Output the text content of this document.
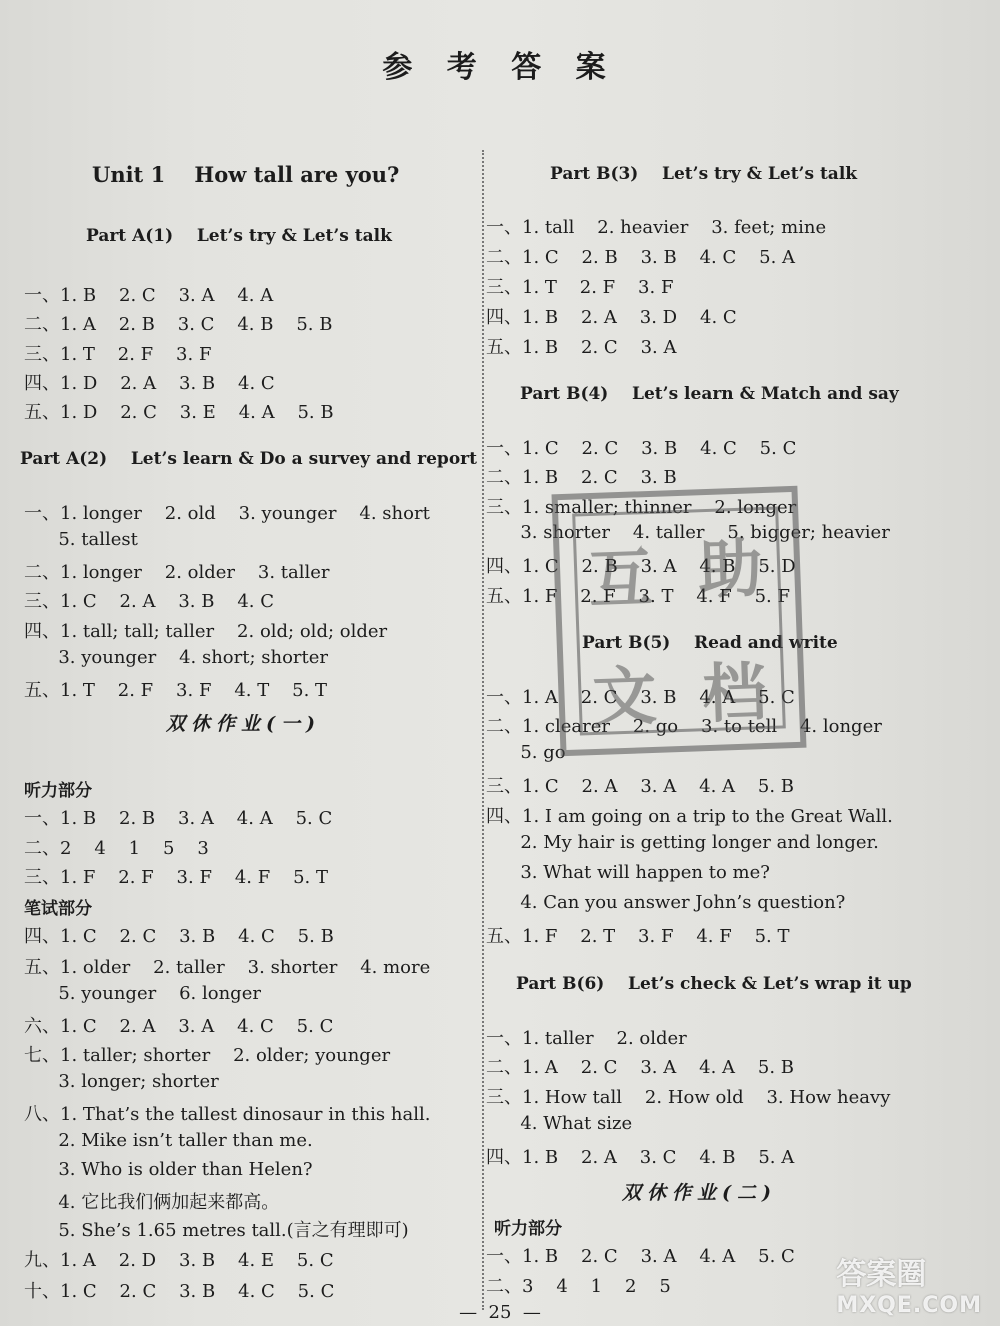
参 考 答 案
Unit 1    How tall are you?
Part A(1)    Let’s try & Let’s talk
一、1. B    2. C    3. A    4. A
二、1. A    2. B    3. C    4. B    5. B
三、1. T    2. F    3. F
四、1. D    2. A    3. B    4. C
五、1. D    2. C    3. E    4. A    5. B
Part A(2)    Let’s learn & Do a survey and report
一、1. longer    2. old    3. younger    4. short
5. tallest
二、1. longer    2. older    3. taller
三、1. C    2. A    3. B    4. C
四、1. tall; tall; taller    2. old; old; older
3. younger    4. short; shorter
五、1. T    2. F    3. F    4. T    5. T
双休作业(一)
听力部分
一、1. B    2. B    3. A    4. A    5. C
二、2    4    1    5    3
三、1. F    2. F    3. F    4. F    5. T
笔试部分
四、1. C    2. C    3. B    4. C    5. B
五、1. older    2. taller    3. shorter    4. more
5. younger    6. longer
六、1. C    2. A    3. A    4. C    5. C
七、1. taller; shorter    2. older; younger
3. longer; shorter
八、1. That’s the tallest dinosaur in this hall.
2. Mike isn’t taller than me.
3. Who is older than Helen?
4. 它比我们俩加起来都高。
5. She’s 1.65 metres tall.(言之有理即可)
九、1. A    2. D    3. B    4. E    5. C
十、1. C    2. C    3. B    4. C    5. C
Part B(3)    Let’s try & Let’s talk
一、1. tall    2. heavier    3. feet; mine
二、1. C    2. B    3. B    4. C    5. A
三、1. T    2. F    3. F
四、1. B    2. A    3. D    4. C
五、1. B    2. C    3. A
Part B(4)    Let’s learn & Match and say
一、1. C    2. C    3. B    4. C    5. C
二、1. B    2. C    3. B
三、1. smaller; thinner    2. longer
3. shorter    4. taller    5. bigger; heavier
四、1. C    2. B    3. A    4. B    5. D
五、1. F    2. F    3. T    4. F    5. F
Part B(5)    Read and write
一、1. A    2. C    3. B    4. A    5. C
二、1. clearer    2. go    3. to tell    4. longer
5. go
三、1. C    2. A    3. A    4. A    5. B
四、1. I am going on a trip to the Great Wall.
2. My hair is getting longer and longer.
3. What will happen to me?
4. Can you answer John’s question?
五、1. F    2. T    3. F    4. F    5. T
Part B(6)    Let’s check & Let’s wrap it up
一、1. taller    2. older
二、1. A    2. C    3. A    4. A    5. B
三、1. How tall    2. How old    3. How heavy
4. What size
四、1. B    2. A    3. C    4. B    5. A
双休作业(二)
听力部分
一、1. B    2. C    3. A    4. A    5. C
二、3    4    1    2    5
互 助
文 档
—  25  —
答案圈
MXQE.COM
